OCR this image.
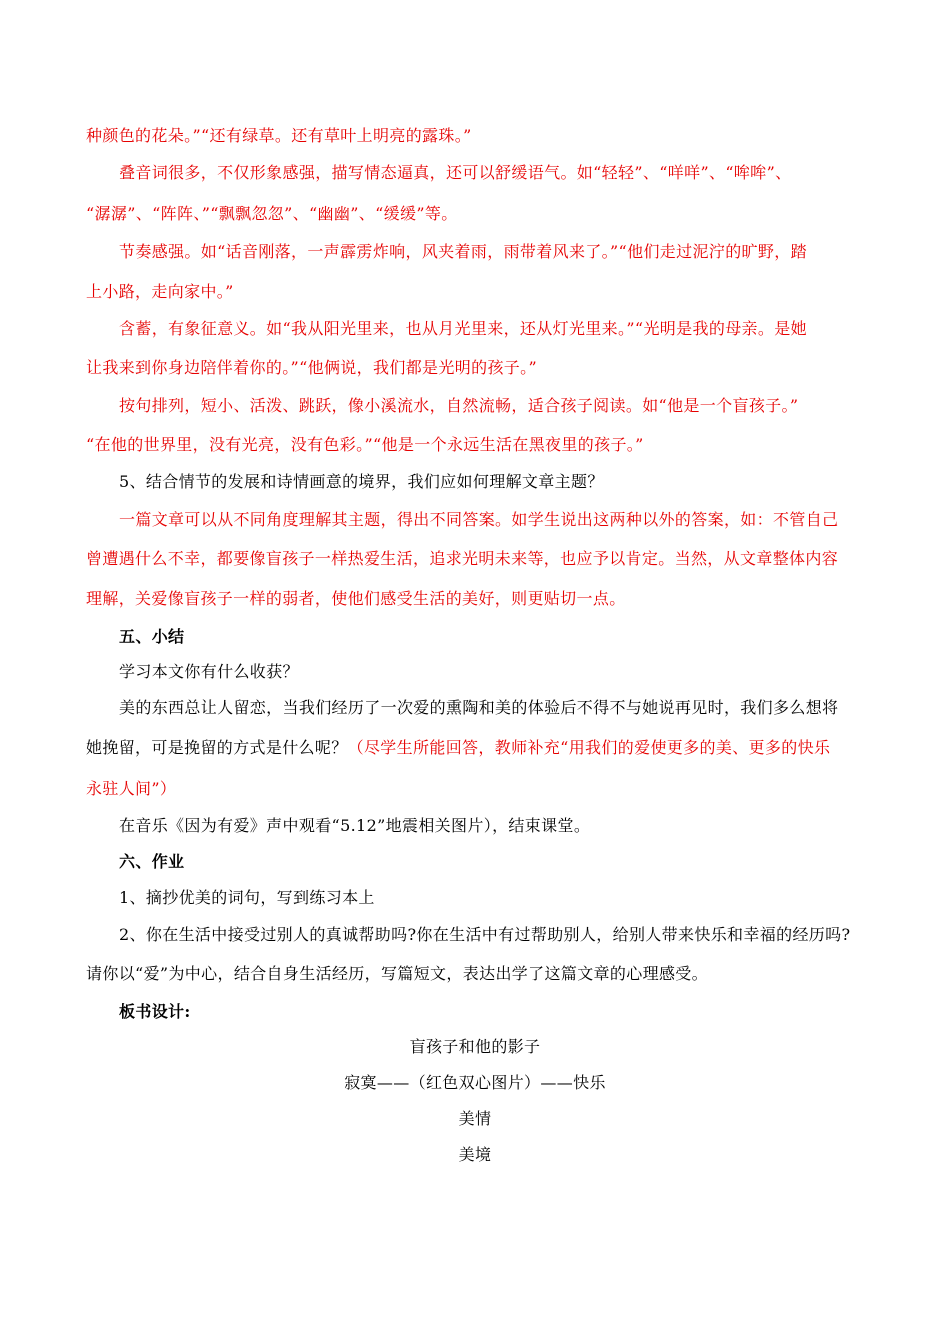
种颜色的花朵。”“还有绿草。还有草叶上明亮的露珠。”
叠音词很多，不仅形象感强，描写情态逼真，还可以舒缓语气。如“轻轻”、“咩咩”、“哞哞”、
“潺潺”、“阵阵、”“飘飘忽忽”、“幽幽”、“缓缓”等。
节奏感强。如“话音刚落，一声霹雳炸响，风夹着雨，雨带着风来了。”“他们走过泥泞的旷野，踏
上小路，走向家中。”
含蓄，有象征意义。如“我从阳光里来，也从月光里来，还从灯光里来。”“光明是我的母亲。是她
让我来到你身边陪伴着你的。”“他俩说，我们都是光明的孩子。”
按句排列，短小、活泼、跳跃，像小溪流水，自然流畅，适合孩子阅读。如“他是一个盲孩子。”
“在他的世界里，没有光亮，没有色彩。”“他是一个永远生活在黑夜里的孩子。”
5、结合情节的发展和诗情画意的境界，我们应如何理解文章主题？
一篇文章可以从不同角度理解其主题，得出不同答案。如学生说出这两种以外的答案，如：不管自己
曾遭遇什么不幸，都要像盲孩子一样热爱生活，追求光明未来等，也应予以肯定。当然，从文章整体内容
理解，关爱像盲孩子一样的弱者，使他们感受生活的美好，则更贴切一点。
五、小结
学习本文你有什么收获？
美的东西总让人留恋，当我们经历了一次爱的熏陶和美的体验后不得不与她说再见时，我们多么想将
她挽留，可是挽留的方式是什么呢？（尽学生所能回答，教师补充“用我们的爱使更多的美、更多的快乐
永驻人间”）
在音乐《因为有爱》声中观看“5.12”地震相关图片），结束课堂。
六、作业
1、摘抄优美的词句，写到练习本上
2、你在生活中接受过别人的真诚帮助吗?你在生活中有过帮助别人，给别人带来快乐和幸福的经历吗?
请你以“爱”为中心，结合自身生活经历，写篇短文，表达出学了这篇文章的心理感受。
板书设计:
盲孩子和他的影子
寂寞——（红色双心图片）——快乐
美情
美境
